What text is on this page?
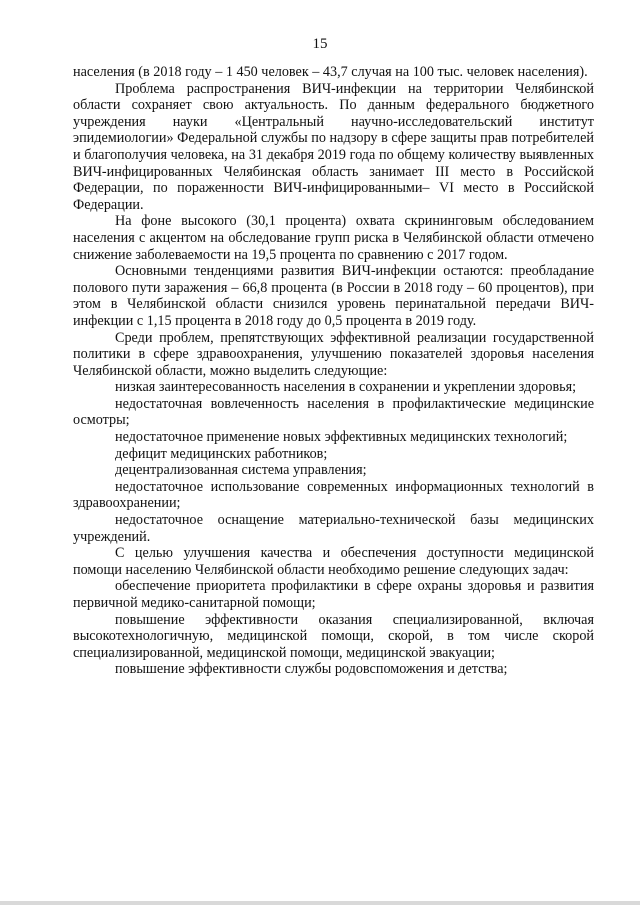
15

населения (в 2018 году – 1 450 человек – 43,7 случая на 100 тыс. человек населения).

Проблема распространения ВИЧ-инфекции на территории Челябинской области сохраняет свою актуальность. По данным федерального бюджетного учреждения науки «Центральный научно-исследовательский институт эпидемиологии» Федеральной службы по надзору в сфере защиты прав потребителей и благополучия человека, на 31 декабря 2019 года по общему количеству выявленных ВИЧ-инфицированных Челябинская область занимает III место в Российской Федерации, по пораженности ВИЧ-инфицированными– VI место в Российской Федерации.

На фоне высокого (30,1 процента) охвата скрининговым обследованием населения с акцентом на обследование групп риска в Челябинской области отмечено снижение заболеваемости на 19,5 процента по сравнению с 2017 годом.

Основными тенденциями развития ВИЧ-инфекции остаются: преобладание полового пути заражения – 66,8 процента (в России в 2018 году – 60 процентов), при этом в Челябинской области снизился уровень перинатальной передачи ВИЧ-инфекции с 1,15 процента в 2018 году до 0,5 процента в 2019 году.

Среди проблем, препятствующих эффективной реализации государственной политики в сфере здравоохранения, улучшению показателей здоровья населения Челябинской области, можно выделить следующие:

низкая заинтересованность населения в сохранении и укреплении здоровья;

недостаточная вовлеченность населения в профилактические медицинские осмотры;

недостаточное применение новых эффективных медицинских технологий;

дефицит медицинских работников;

децентрализованная система управления;

недостаточное использование современных информационных технологий в здравоохранении;

недостаточное оснащение материально-технической базы медицинских учреждений.

С целью улучшения качества и обеспечения доступности медицинской помощи населению Челябинской области необходимо решение следующих задач:

обеспечение приоритета профилактики в сфере охраны здоровья и развития первичной медико-санитарной помощи;

повышение эффективности оказания специализированной, включая высокотехнологичную, медицинской помощи, скорой, в том числе скорой специализированной, медицинской помощи, медицинской эвакуации;

повышение эффективности службы родовспоможения и детства;
